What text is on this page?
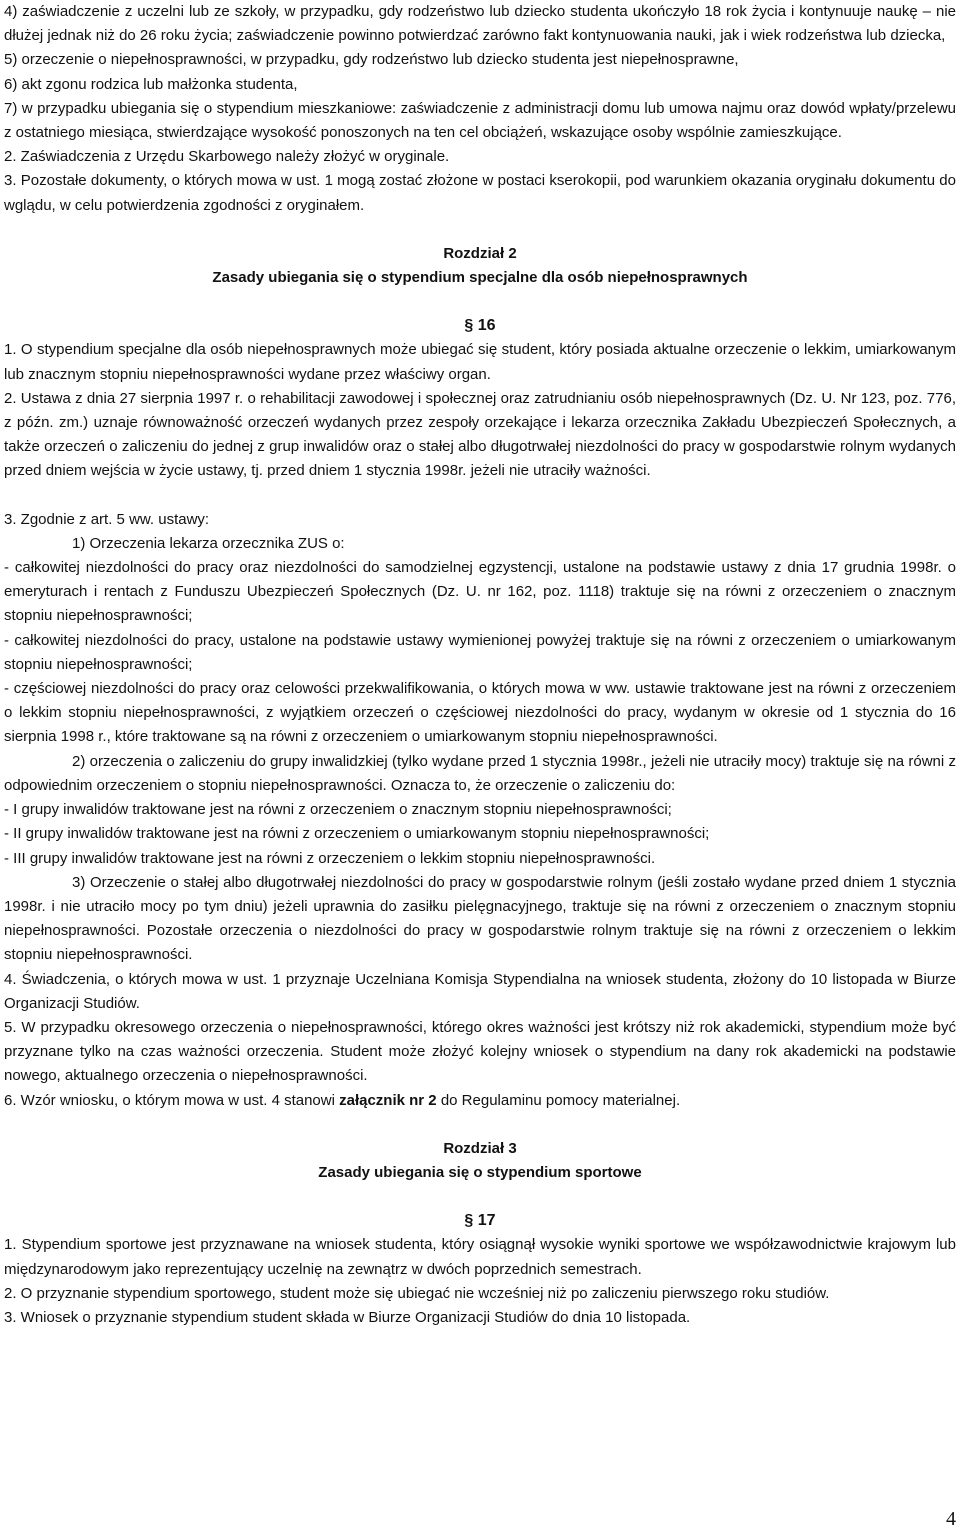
4) zaświadczenie z uczelni lub ze szkoły, w przypadku, gdy rodzeństwo lub dziecko studenta ukończyło 18 rok życia i kontynuuje naukę – nie dłużej jednak niż do 26 roku życia; zaświadczenie powinno potwierdzać zarówno fakt kontynuowania nauki, jak i wiek rodzeństwa lub dziecka,

5) orzeczenie o niepełnosprawności, w przypadku, gdy rodzeństwo lub dziecko studenta jest niepełnosprawne,

6) akt zgonu rodzica lub małżonka studenta,

7) w przypadku ubiegania się o stypendium mieszkaniowe: zaświadczenie z administracji domu lub umowa najmu oraz dowód wpłaty/przelewu z ostatniego miesiąca, stwierdzające wysokość ponoszonych na ten cel obciążeń, wskazujące osoby wspólnie zamieszkujące.

2. Zaświadczenia z Urzędu Skarbowego należy złożyć w oryginale.

3. Pozostałe dokumenty, o których mowa w ust. 1 mogą zostać złożone w postaci kserokopii, pod warunkiem okazania oryginału dokumentu do wglądu, w celu potwierdzenia zgodności z oryginałem.

Rozdział 2

Zasady ubiegania się o stypendium specjalne dla osób niepełnosprawnych

§ 16

1. O stypendium specjalne dla osób niepełnosprawnych może ubiegać się student, który posiada aktualne orzeczenie o lekkim, umiarkowanym lub znacznym stopniu niepełnosprawności wydane przez właściwy organ.

2. Ustawa z dnia 27 sierpnia 1997 r. o rehabilitacji zawodowej i społecznej oraz zatrudnianiu osób niepełnosprawnych (Dz. U. Nr 123, poz. 776, z późn. zm.) uznaje równoważność orzeczeń wydanych przez zespoły orzekające i lekarza orzecznika Zakładu Ubezpieczeń Społecznych, a także orzeczeń o zaliczeniu do jednej z grup inwalidów oraz o stałej albo długotrwałej niezdolności do pracy w gospodarstwie rolnym wydanych przed dniem wejścia w życie ustawy, tj. przed dniem 1 stycznia 1998r. jeżeli nie utraciły ważności.

3. Zgodnie z art. 5 ww. ustawy:

1) Orzeczenia lekarza orzecznika ZUS o:

- całkowitej niezdolności do pracy oraz niezdolności do samodzielnej egzystencji, ustalone na podstawie ustawy z dnia 17 grudnia 1998r. o emeryturach i rentach z Funduszu Ubezpieczeń Społecznych (Dz. U. nr 162, poz. 1118) traktuje się na równi z orzeczeniem o znacznym stopniu niepełnosprawności;

- całkowitej niezdolności do pracy, ustalone na podstawie ustawy wymienionej powyżej traktuje się na równi z orzeczeniem o umiarkowanym stopniu niepełnosprawności;

- częściowej niezdolności do pracy oraz celowości przekwalifikowania, o których mowa w ww. ustawie traktowane jest na równi z orzeczeniem o lekkim stopniu niepełnosprawności, z wyjątkiem orzeczeń o częściowej niezdolności do pracy, wydanym w okresie od 1 stycznia do 16 sierpnia 1998 r., które traktowane są na równi z orzeczeniem o umiarkowanym stopniu niepełnosprawności.

2) orzeczenia o zaliczeniu do grupy inwalidzkiej (tylko wydane przed 1 stycznia 1998r., jeżeli nie utraciły mocy) traktuje się na równi z odpowiednim orzeczeniem o stopniu niepełnosprawności. Oznacza to, że orzeczenie o zaliczeniu do:

- I grupy inwalidów traktowane jest na równi z orzeczeniem o znacznym stopniu niepełnosprawności;

- II grupy inwalidów traktowane jest na równi z orzeczeniem o umiarkowanym stopniu niepełnosprawności;

- III grupy inwalidów traktowane jest na równi z orzeczeniem o lekkim stopniu niepełnosprawności.

3) Orzeczenie o stałej albo długotrwałej niezdolności do pracy w gospodarstwie rolnym (jeśli zostało wydane przed dniem 1 stycznia 1998r. i nie utraciło mocy po tym dniu) jeżeli uprawnia do zasiłku pielęgnacyjnego, traktuje się na równi z orzeczeniem o znacznym stopniu niepełnosprawności. Pozostałe orzeczenia o niezdolności do pracy w gospodarstwie rolnym traktuje się na równi z orzeczeniem o lekkim stopniu niepełnosprawności.

4. Świadczenia, o których mowa w ust. 1 przyznaje Uczelniana Komisja Stypendialna na wniosek studenta, złożony do 10 listopada w Biurze Organizacji Studiów.

5. W przypadku okresowego orzeczenia o niepełnosprawności, którego okres ważności jest krótszy niż rok akademicki, stypendium może być przyznane tylko na czas ważności orzeczenia. Student może złożyć kolejny wniosek o stypendium na dany rok akademicki na podstawie nowego, aktualnego orzeczenia o niepełnosprawności.

6. Wzór wniosku, o którym mowa w ust. 4 stanowi załącznik nr 2 do Regulaminu pomocy materialnej.

Rozdział 3

Zasady ubiegania się o stypendium sportowe

§ 17

1. Stypendium sportowe jest przyznawane na wniosek studenta, który osiągnął wysokie wyniki sportowe we współzawodnictwie krajowym lub międzynarodowym jako reprezentujący uczelnię na zewnątrz w dwóch poprzednich semestrach.

2. O przyznanie stypendium sportowego, student może się ubiegać nie wcześniej niż po zaliczeniu pierwszego roku studiów.

3. Wniosek o przyznanie stypendium student składa w Biurze Organizacji Studiów do dnia 10 listopada.

4
